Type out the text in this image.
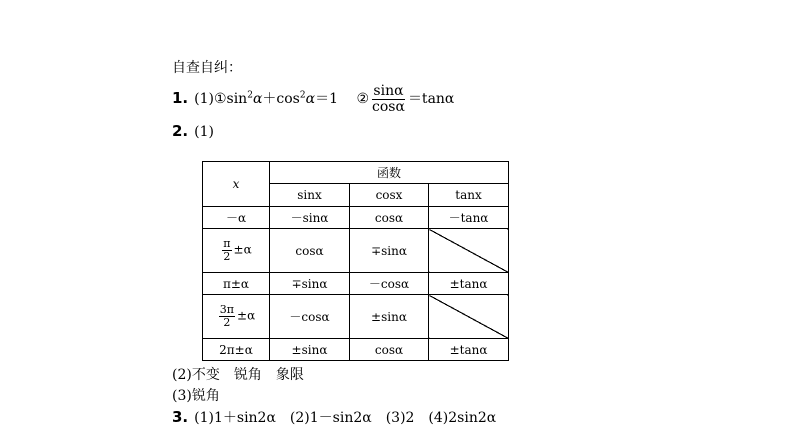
自查自纠：
1. $(1)①\sin^2\alpha+\cos^2\alpha=1$ ② $\frac{\sin\alpha}{\cos\alpha} =\tan\alpha$
2. (1)
x	函数		
	sinx	cosx	tanx
－α	－sinα	cosα	－tanα

$\frac{\pi}{2} \pm\alpha$	cosα	∓sinα	
π±α	∓sinα	－cosα	±tanα

$\frac{3\pi}{2} \pm\alpha$	－cosα	±sinα	
2π±α	±sinα	cosα	±tanα
(2)不变　锐角　象限
(3)锐角
3. (1)1＋sin2α　(2)1－sin2α　(3)2　(4)2sin2α
